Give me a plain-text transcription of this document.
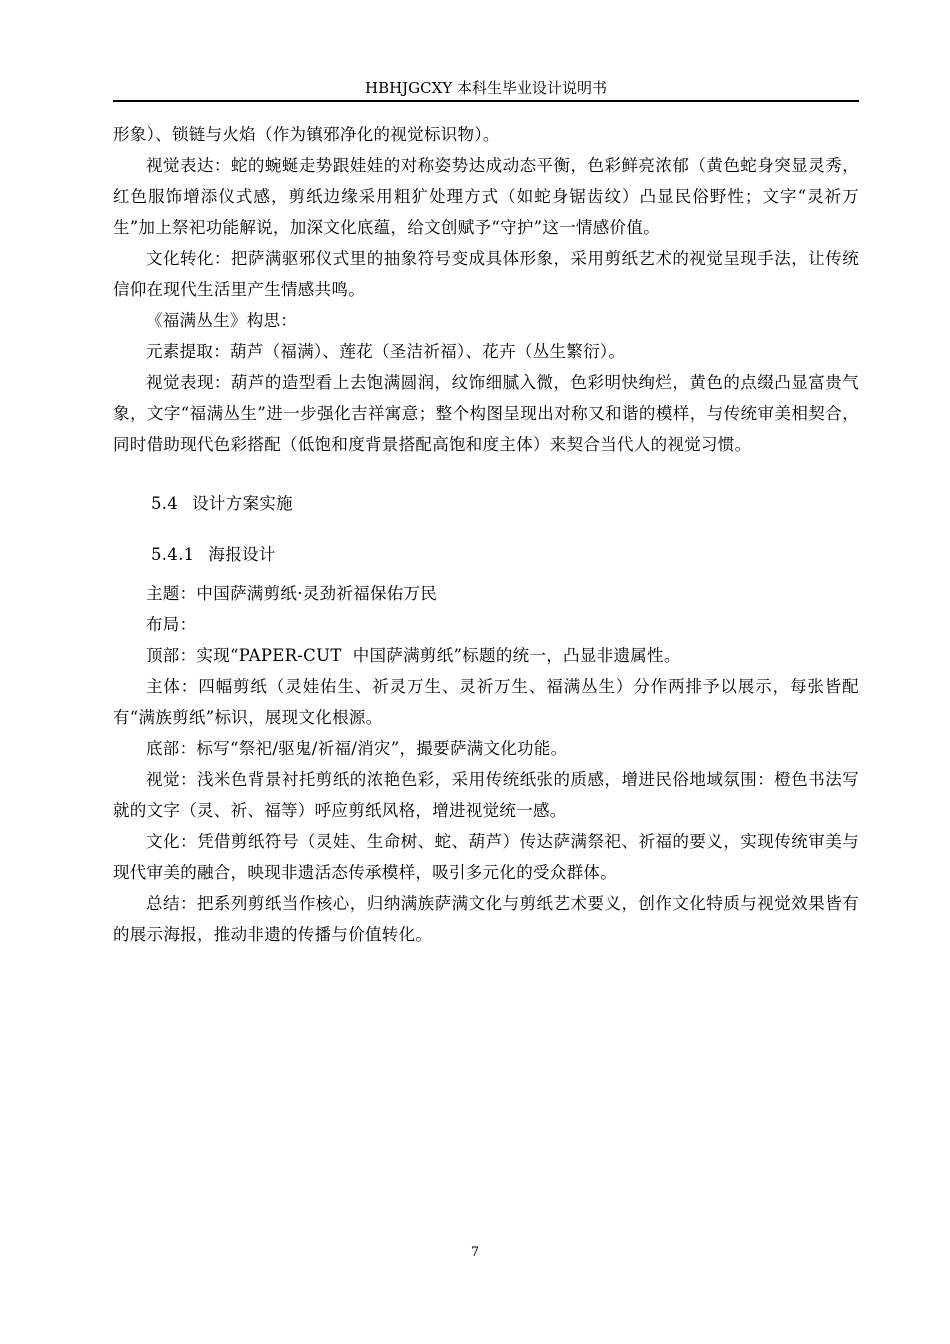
HBHJGCXY 本科生毕业设计说明书

形象）、锁链与火焰（作为镇邪净化的视觉标识物）。

视觉表达：蛇的蜿蜒走势跟娃娃的对称姿势达成动态平衡，色彩鲜亮浓郁（黄色蛇身突显灵秀，红色服饰增添仪式感，剪纸边缘采用粗犷处理方式（如蛇身锯齿纹）凸显民俗野性；文字“灵祈万生”加上祭祀功能解说，加深文化底蕴，给文创赋予“守护”这一情感价值。

文化转化：把萨满驱邪仪式里的抽象符号变成具体形象，采用剪纸艺术的视觉呈现手法，让传统信仰在现代生活里产生情感共鸣。

《福满丛生》构思：

元素提取：葫芦（福满）、莲花（圣洁祈福）、花卉（丛生繁衍）。

视觉表现：葫芦的造型看上去饱满圆润，纹饰细腻入微，色彩明快绚烂，黄色的点缀凸显富贵气象，文字“福满丛生”进一步强化吉祥寓意；整个构图呈现出对称又和谐的模样，与传统审美相契合，同时借助现代色彩搭配（低饱和度背景搭配高饱和度主体）来契合当代人的视觉习惯。

5.4 设计方案实施

5.4.1 海报设计

主题：中国萨满剪纸·灵劲祈福保佑万民

布局：

顶部：实现“PAPER-CUT  中国萨满剪纸”标题的统一，凸显非遗属性。

主体：四幅剪纸（灵娃佑生、祈灵万生、灵祈万生、福满丛生）分作两排予以展示，每张皆配有“满族剪纸”标识，展现文化根源。

底部：标写“祭祀/驱鬼/祈福/消灾”，撮要萨满文化功能。

视觉：浅米色背景衬托剪纸的浓艳色彩，采用传统纸张的质感，增进民俗地域氛围：橙色书法写就的文字（灵、祈、福等）呼应剪纸风格，增进视觉统一感。

文化：凭借剪纸符号（灵娃、生命树、蛇、葫芦）传达萨满祭祀、祈福的要义，实现传统审美与现代审美的融合，映现非遗活态传承模样，吸引多元化的受众群体。

总结：把系列剪纸当作核心，归纳满族萨满文化与剪纸艺术要义，创作文化特质与视觉效果皆有的展示海报，推动非遗的传播与价值转化。

7
